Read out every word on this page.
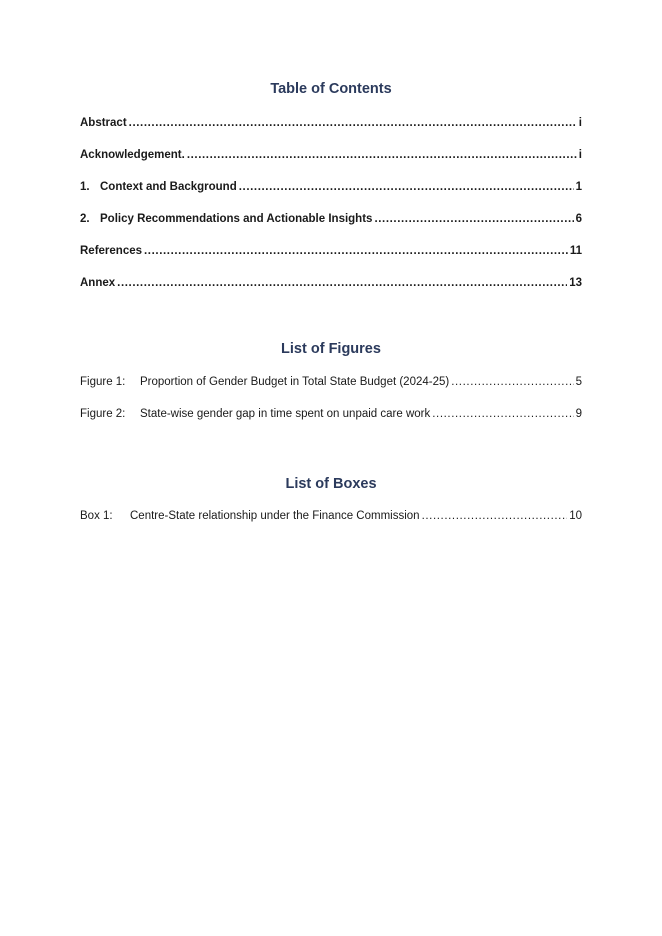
Table of Contents
Abstract .....	i
Acknowledgement. .....	i
1. Context and Background .....	1
2. Policy Recommendations and Actionable Insights .....	6
References .....	11
Annex .....	13
List of Figures
Figure 1:	Proportion of Gender Budget in Total State Budget (2024-25) .....	5
Figure 2:	State-wise gender gap in time spent on unpaid care work .....	9
List of Boxes
Box 1:	Centre-State relationship under the Finance Commission .....	10
